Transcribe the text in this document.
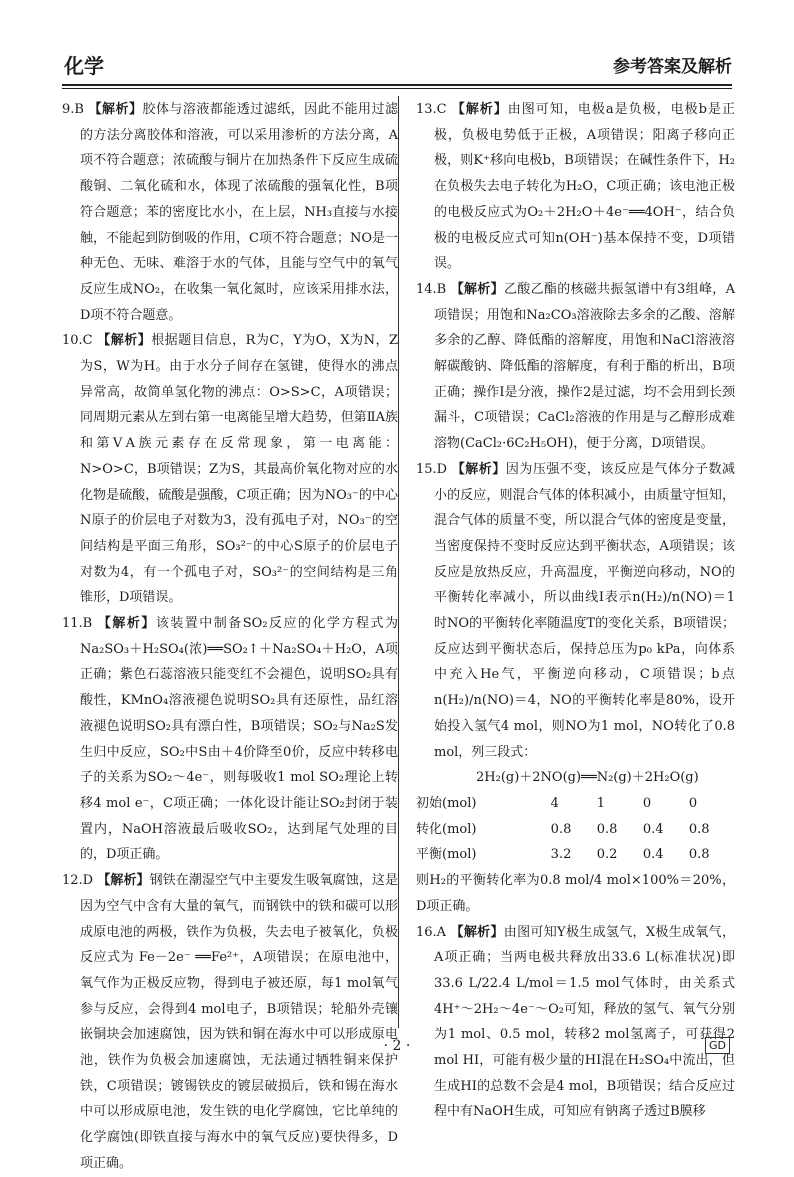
化学	参考答案及解析

9.B 【解析】胶体与溶液都能透过滤纸，因此不能用过滤的方法分离胶体和溶液，可以采用渗析的方法分离，A项不符合题意；浓硫酸与铜片在加热条件下反应生成硫酸铜、二氧化硫和水，体现了浓硫酸的强氧化性，B项符合题意；苯的密度比水小，在上层，NH₃直接与水接触，不能起到防倒吸的作用，C项不符合题意；NO是一种无色、无味、难溶于水的气体，且能与空气中的氧气反应生成NO₂，在收集一氧化氮时，应该采用排水法，D项不符合题意。

10.C 【解析】根据题目信息，R为C，Y为O，X为N，Z为S，W为H。由于水分子间存在氢键，使得水的沸点异常高，故简单氢化物的沸点：O>S>C，A项错误；同周期元素从左到右第一电离能呈增大趋势，但第ⅡA族和第ⅤA族元素存在反常现象，第一电离能：N>O>C，B项错误；Z为S，其最高价氧化物对应的水化物是硫酸，硫酸是强酸，C项正确；因为NO₃⁻的中心N原子的价层电子对数为3，没有孤电子对，NO₃⁻的空间结构是平面三角形，SO₃²⁻的中心S原子的价层电子对数为4，有一个孤电子对，SO₃²⁻的空间结构是三角锥形，D项错误。

11.B 【解析】该装置中制备SO₂反应的化学方程式为Na₂SO₃＋H₂SO₄(浓)══SO₂↑＋Na₂SO₄＋H₂O，A项正确；紫色石蕊溶液只能变红不会褪色，说明SO₂具有酸性，KMnO₄溶液褪色说明SO₂具有还原性，品红溶液褪色说明SO₂具有漂白性，B项错误；SO₂与Na₂S发生归中反应，SO₂中S由＋4价降至0价，反应中转移电子的关系为SO₂～4e⁻，则每吸收1 mol SO₂理论上转移4 mol e⁻，C项正确；一体化设计能让SO₂封闭于装置内，NaOH溶液最后吸收SO₂，达到尾气处理的目的，D项正确。

12.D 【解析】钢铁在潮湿空气中主要发生吸氧腐蚀，这是因为空气中含有大量的氧气，而钢铁中的铁和碳可以形成原电池的两极，铁作为负极，失去电子被氧化，负极反应式为 Fe－2e⁻ ══Fe²⁺，A项错误；在原电池中，氧气作为正极反应物，得到电子被还原，每1 mol氧气参与反应，会得到4 mol电子，B项错误；轮船外壳镶嵌铜块会加速腐蚀，因为铁和铜在海水中可以形成原电池，铁作为负极会加速腐蚀，无法通过牺牲铜来保护铁，C项错误；镀锡铁皮的镀层破损后，铁和锡在海水中可以形成原电池，发生铁的电化学腐蚀，它比单纯的化学腐蚀(即铁直接与海水中的氧气反应)要快得多，D项正确。

13.C 【解析】由图可知，电极a是负极，电极b是正极，负极电势低于正极，A项错误；阳离子移向正极，则K⁺移向电极b，B项错误；在碱性条件下，H₂在负极失去电子转化为H₂O，C项正确；该电池正极的电极反应式为O₂＋2H₂O＋4e⁻══4OH⁻，结合负极的电极反应式可知n(OH⁻)基本保持不变，D项错误。

14.B 【解析】乙酸乙酯的核磁共振氢谱中有3组峰，A项错误；用饱和Na₂CO₃溶液除去多余的乙酸、溶解多余的乙醇、降低酯的溶解度，用饱和NaCl溶液溶解碳酸钠、降低酯的溶解度，有利于酯的析出，B项正确；操作Ⅰ是分液，操作2是过滤，均不会用到长颈漏斗，C项错误；CaCl₂溶液的作用是与乙醇形成难溶物(CaCl₂·6C₂H₅OH)，便于分离，D项错误。

15.D 【解析】因为压强不变，该反应是气体分子数减小的反应，则混合气体的体积减小，由质量守恒知，混合气体的质量不变，所以混合气体的密度是变量，当密度保持不变时反应达到平衡状态，A项错误；该反应是放热反应，升高温度，平衡逆向移动，NO的平衡转化率减小，所以曲线Ⅰ表示n(H₂)/n(NO)＝1时NO的平衡转化率随温度T的变化关系，B项错误；反应达到平衡状态后，保持总压为p₀ kPa，向体系中充入He气，平衡逆向移动，C项错误；b点n(H₂)/n(NO)＝4，NO的平衡转化率是80%，设开始投入氢气4 mol，则NO为1 mol，NO转化了0.8 mol，列三段式：

2H₂(g)＋2NO(g)══N₂(g)＋2H₂O(g)

初始(mol)	4	1	0	0
转化(mol)	0.8	0.8	0.4	0.8
平衡(mol)	3.2	0.2	0.4	0.8

则H₂的平衡转化率为0.8 mol/4 mol×100%＝20%，D项正确。

16.A 【解析】由图可知Y极生成氢气，X极生成氧气，A项正确；当两电极共释放出33.6 L(标准状况)即33.6 L/22.4 L/mol＝1.5 mol气体时，由关系式4H⁺～2H₂～4e⁻～O₂可知，释放的氢气、氧气分别为1 mol、0.5 mol，转移2 mol氢离子，可获得2 mol HI，可能有极少量的HI混在H₂SO₄中流出，但生成HI的总数不会是4 mol，B项错误；结合反应过程中有NaOH生成，可知应有钠离子透过B膜移

· 2 ·	GD
